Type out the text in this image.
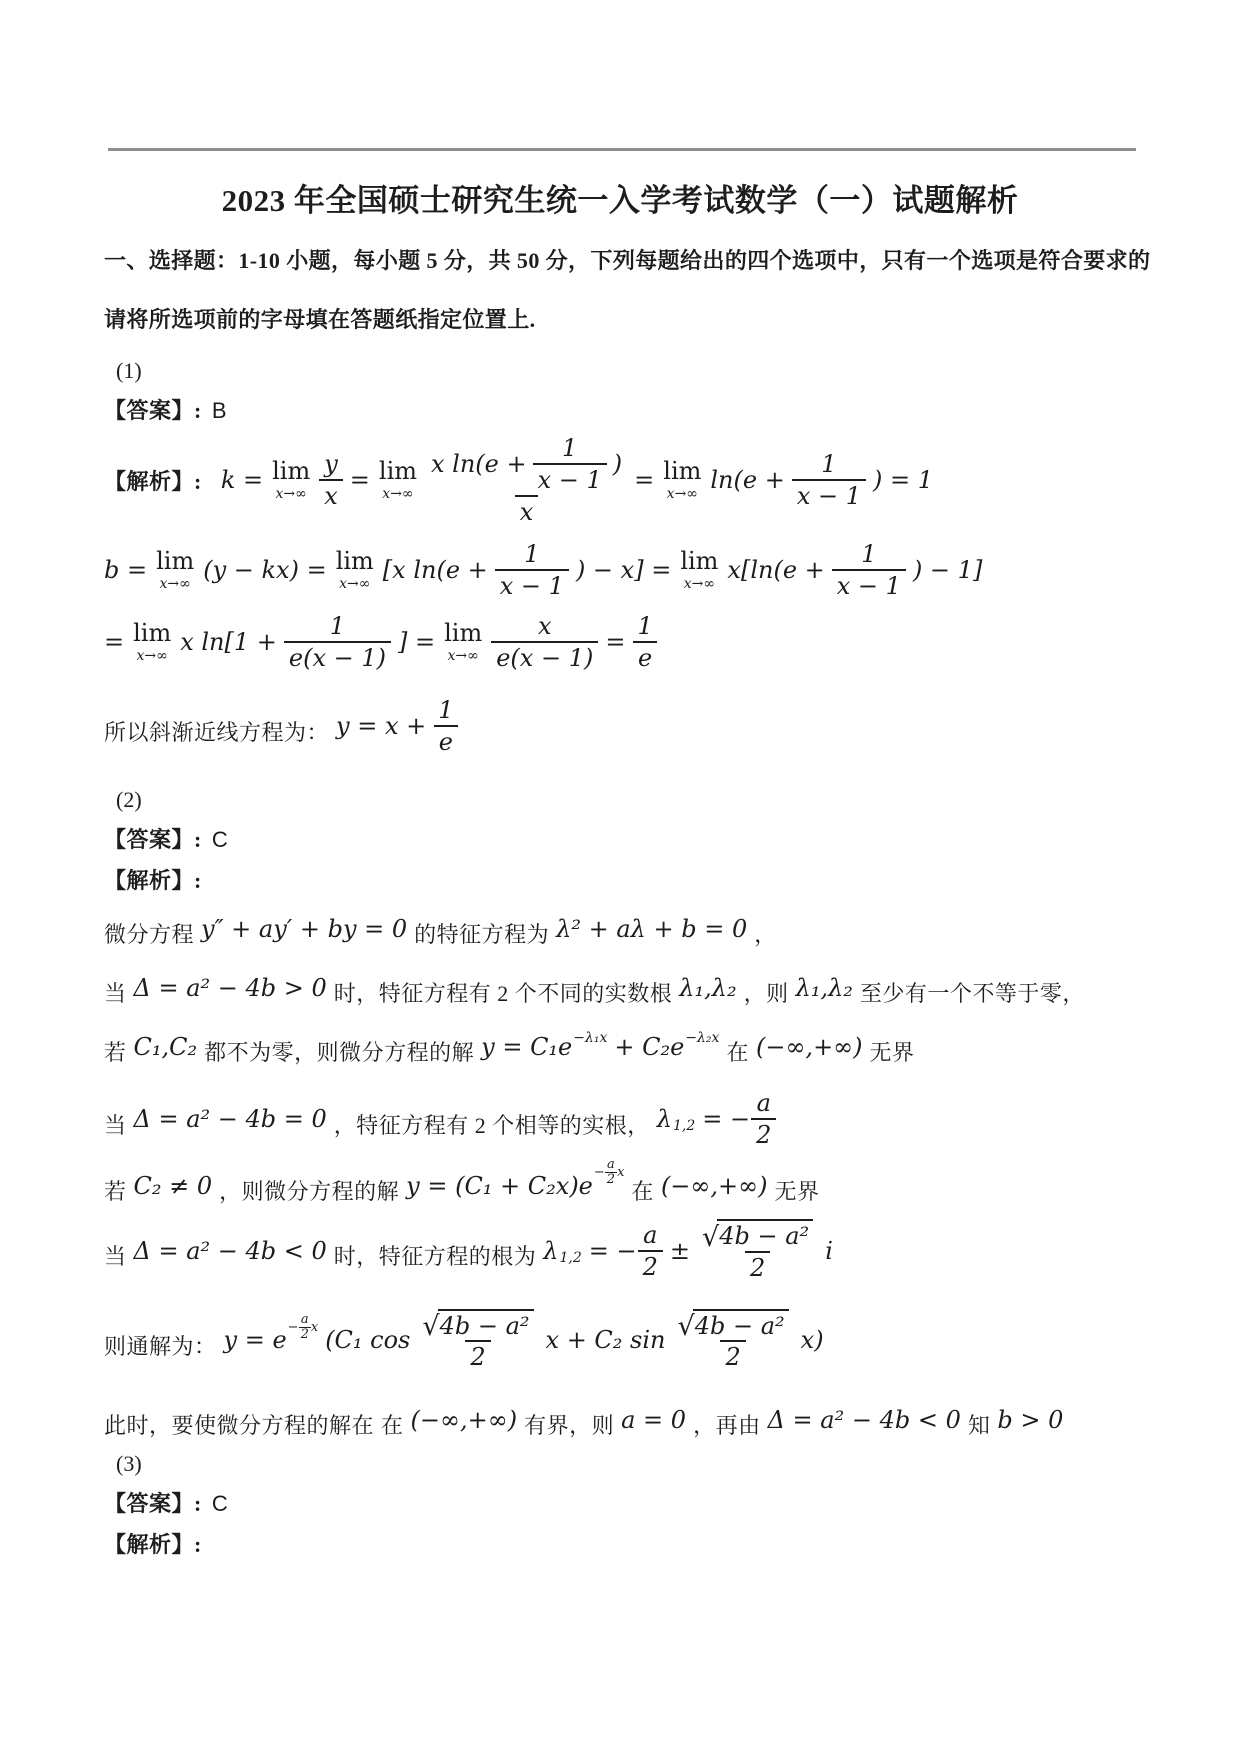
2023 年全国硕士研究生统一入学考试数学（一）试题解析

一、选择题：1-10 小题，每小题 5 分，共 50 分，下列每题给出的四个选项中，只有一个选项是符合要求的

请将所选项前的字母填在答题纸指定位置上.

(1)

【答案】: B

【解析】: k = lim
$x\to\infty \frac{y}{x} = \lim$
$x\to\infty \frac{x \ln(e + \frac{1}{x - 1} )}{x} = \lim$
x→∞ $\ln(e + \frac{1}{x - 1}$ ) = 1
b = lim
x→∞ (y − kx) = lim
x→∞ [x $\ln(e + \frac{1}{x - 1}$ ) − x] = lim
x→∞ $x[\ln(e + \frac{1}{x - 1}$ ) − 1]
= lim
x→∞ x $\ln[1 + \frac{1}{e(x - 1)}$ ] = lim
$x\to\infty \frac{x}{e(x - 1)} = \frac{1}{e}$
所以斜渐近线方程为： $y = x + \frac{1}{e}$

(2)

【答案】: C

【解析】:

微分方程 y″ + ay′ + by = 0 的特征方程为 λ² + aλ + b = 0 ，
当 Δ = a² − 4b > 0 时，特征方程有 2 个不同的实数根 λ₁,λ₂ ，则 λ₁,λ₂ 至少有一个不等于零，
若 C₁,C₂ 都不为零，则微分方程的解 y = C₁e −λ₁x + C₂e −λ₂x
在 (−∞,+∞) 无界
当 Δ = a² − 4b = 0 ，特征方程有 2 个相等的实根， λ 1,2 = − $\frac{a}{2}$
若 C₂ ≠ 0 ，则微分方程的解 $y = (C_1 + C_2x)e - \frac{a}{2}$ x
在 (−∞,+∞) 无界
当 Δ = a² − 4b < 0 时，特征方程的根为 λ 1,2 = − $\frac{a}{2} \pm \frac{\text{√ 4b − a²}}{2}$ i
则通解为： $y = e - \frac{a}{2}$ x (C₁ $\cos \frac{\text{√ 4b − a²}}{2}$ x + C₂ $\sin \frac{\text{√ 4b − a²}}{2} x$)
此时，要使微分方程的解在 在 (−∞,+∞) 有界，则 a = 0 ，再由 Δ = a² − 4b < 0 知 b > 0

(3)

【答案】: C

【解析】:
